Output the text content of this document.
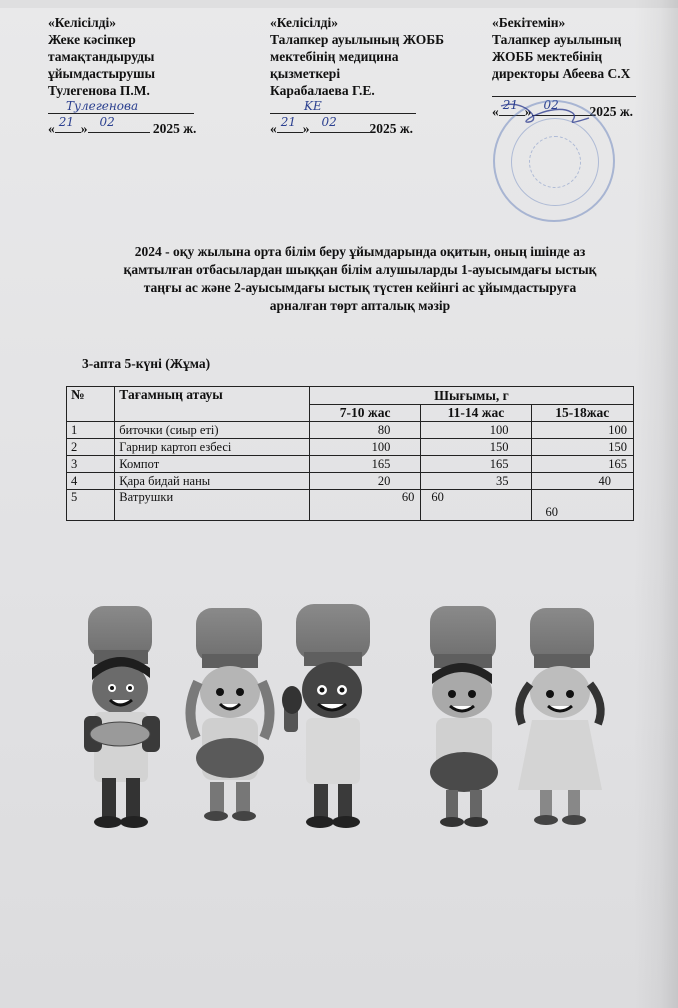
«Келісілді»
Жеке кәсіпкер
тамақтандыруды
ұйымдастырушы
Тулегенова П.М.
Тулегенова
« 21 » 02	2025 ж.
«Келісілді»
Талапкер ауылының ЖОББ
мектебінің медицина
қызметкері
Карабалаева Г.Е.
KE
« 21 » 02 2025 ж.
«Бекітемін»
Талапкер ауылының
ЖОББ мектебінің
директоры Абеева С.Х
« 21 » 02 2025 ж.
2024 - оқу жылына орта білім беру ұйымдарында оқитын, оның ішінде аз
қамтылған отбасылардан шыққан білім алушыларды 1-ауысымдағы ыстық
таңғы ас және 2-ауысымдағы ыстық түстен кейінгі ас ұйымдастыруға
арналған төрт апталық мәзір
3-апта 5-күні (Жұма)
№	Тағамның атауы	Шығымы, г		
		7-10 жас	11-14 жас	15-18жас
1	биточки (сиыр еті)	80	100	100
2	Гарнир картоп езбесі	100	150	150
3	Компот	165	165	165
4	Қара бидай наны	20	35	40
5	Ватрушки	60	60	60
